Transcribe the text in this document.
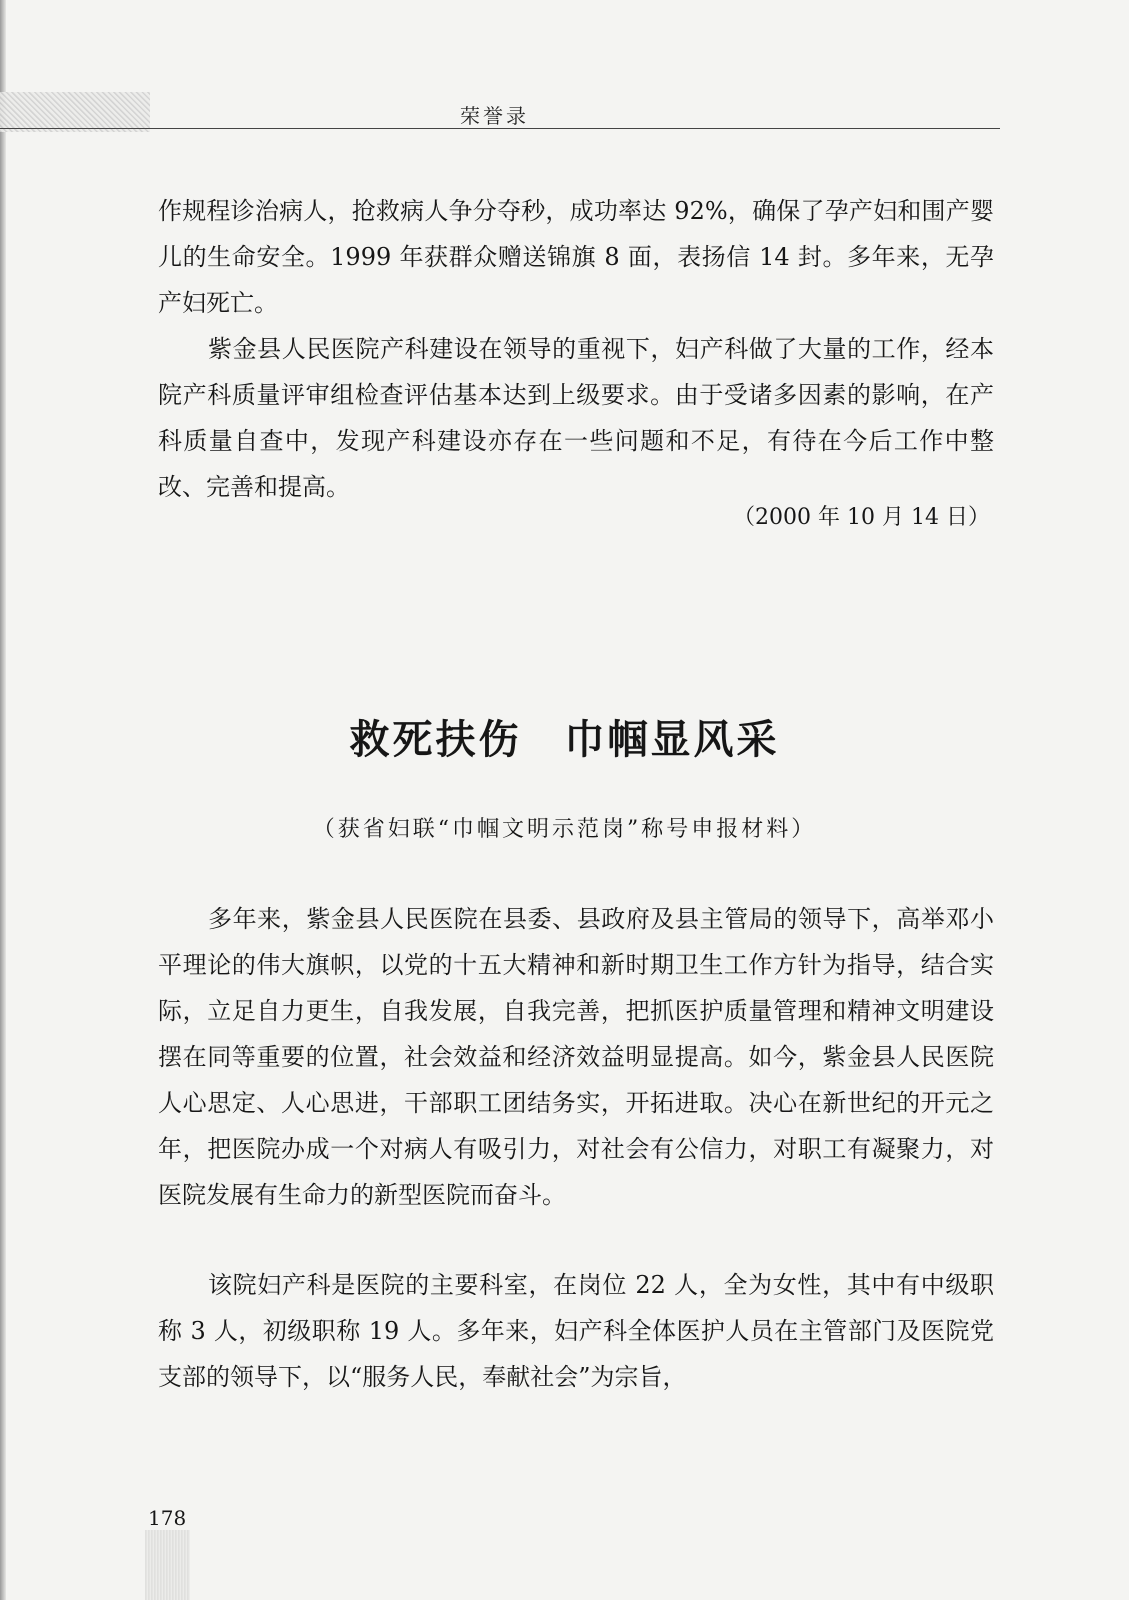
荣誉录

作规程诊治病人，抢救病人争分夺秒，成功率达 92%，确保了孕产妇和围产婴儿的生命安全。1999 年获群众赠送锦旗 8 面，表扬信 14 封。多年来，无孕产妇死亡。

紫金县人民医院产科建设在领导的重视下，妇产科做了大量的工作，经本院产科质量评审组检查评估基本达到上级要求。由于受诸多因素的影响，在产科质量自查中，发现产科建设亦存在一些问题和不足，有待在今后工作中整改、完善和提高。

（2000 年 10 月 14 日）
救死扶伤　巾帼显风采
（获省妇联“巾帼文明示范岗”称号申报材料）

多年来，紫金县人民医院在县委、县政府及县主管局的领导下，高举邓小平理论的伟大旗帜，以党的十五大精神和新时期卫生工作方针为指导，结合实际，立足自力更生，自我发展，自我完善，把抓医护质量管理和精神文明建设摆在同等重要的位置，社会效益和经济效益明显提高。如今，紫金县人民医院人心思定、人心思进，干部职工团结务实，开拓进取。决心在新世纪的开元之年，把医院办成一个对病人有吸引力，对社会有公信力，对职工有凝聚力，对医院发展有生命力的新型医院而奋斗。

该院妇产科是医院的主要科室，在岗位 22 人，全为女性，其中有中级职称 3 人，初级职称 19 人。多年来，妇产科全体医护人员在主管部门及医院党支部的领导下，以“服务人民，奉献社会”为宗旨，

178
